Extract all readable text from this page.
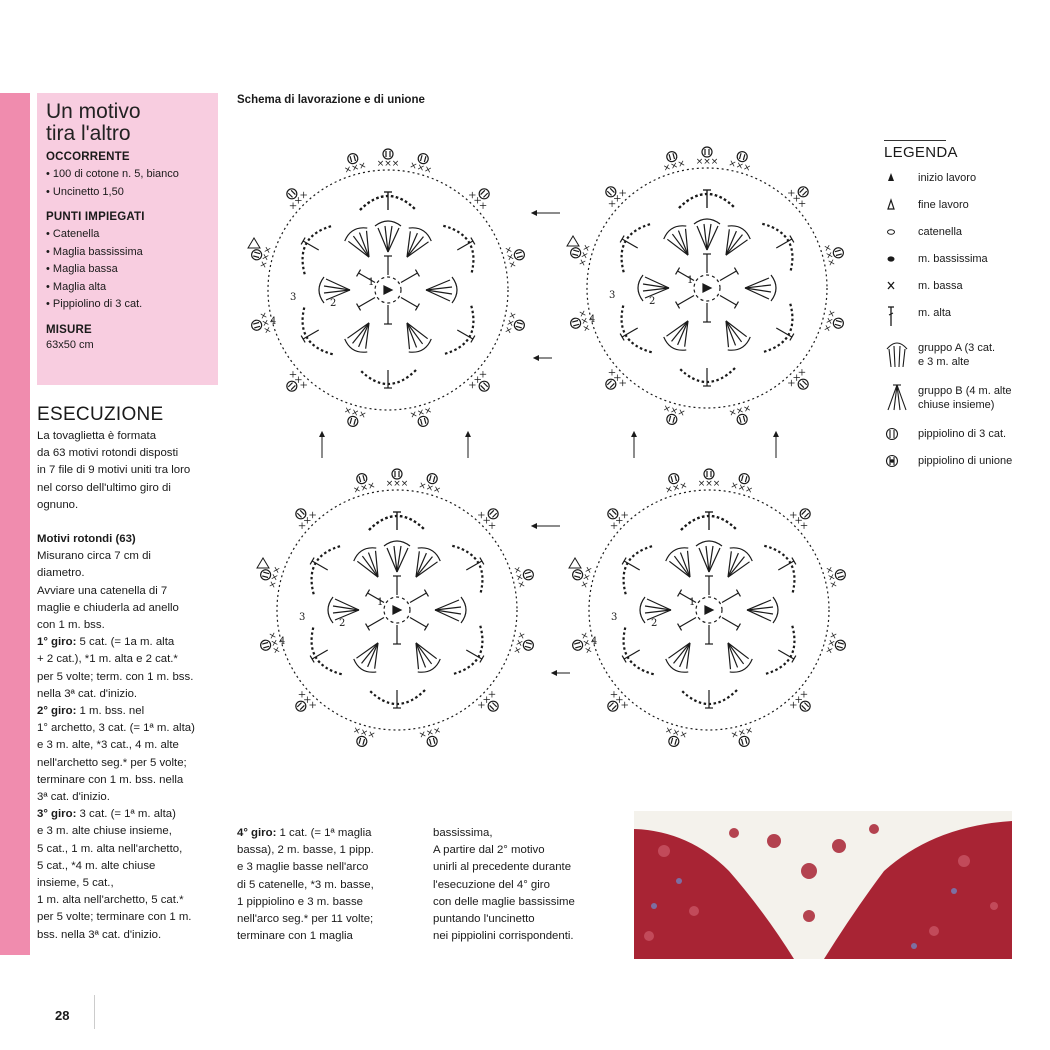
Un motivo
tira l'altro
OCCORRENTE
• 100 di cotone n. 5, bianco
• Uncinetto 1,50
PUNTI IMPIEGATI
• Catenella
• Maglia bassissima
• Maglia bassa
• Maglia alta
• Pippiolino di 3 cat.
MISURE

63x50 cm

ESECUZIONE

La tovaglietta è formata

da 63 motivi rotondi disposti

in 7 file di 9 motivi uniti tra loro

nel corso dell'ultimo giro di

ognuno.

Motivi rotondi (63)

Misurano circa 7 cm di

diametro.

Avviare una catenella di 7

maglie e chiuderla ad anello

con 1 m. bss.

1° giro: 5 cat. (= 1a m. alta

+ 2 cat.), *1 m. alta e 2 cat.*

per 5 volte; term. con 1 m. bss.

nella 3ª cat. d'inizio.

2° giro: 1 m. bss. nel

1° archetto, 3 cat. (= 1ª m. alta)

e 3 m. alte, *3 cat., 4 m. alte

nell'archetto seg.* per 5 volte;

terminare con 1 m. bss. nella

3ª cat. d'inizio.

3° giro: 3 cat. (= 1ª m. alta)

e 3 m. alte chiuse insieme,

5 cat., 1 m. alta nell'archetto,

5 cat., *4 m. alte chiuse

insieme, 5 cat.,

1 m. alta nell'archetto, 5 cat.*

per 5 volte; terminare con 1 m.

bss. nella 3ª cat. d'inizio.

4° giro: 1 cat. (= 1ª maglia

bassa), 2 m. basse, 1 pipp.

e 3 maglie basse nell'arco

di 5 catenelle, *3 m. basse,

1 pippiolino e 3 m. basse

nell'arco seg.* per 11 volte;

terminare con 1 maglia

bassissima,

A partire dal 2° motivo

unirli al precedente durante

l'esecuzione del 4° giro

con delle maglie bassissime

puntando l'uncinetto

nei pippiolini corrispondenti.

Schema di lavorazione e di unione
1
2
3
4
1
2
3
4
1
2
3
4
1
2
3
4
LEGENDA
inizio lavoro
fine lavoro
catenella
m. bassissima
m. bassa
m. alta
gruppo A (3 cat.
e 3 m. alte
gruppo B (4 m. alte
chiuse insieme)
pippiolino di 3 cat.
pippiolino di unione
28
